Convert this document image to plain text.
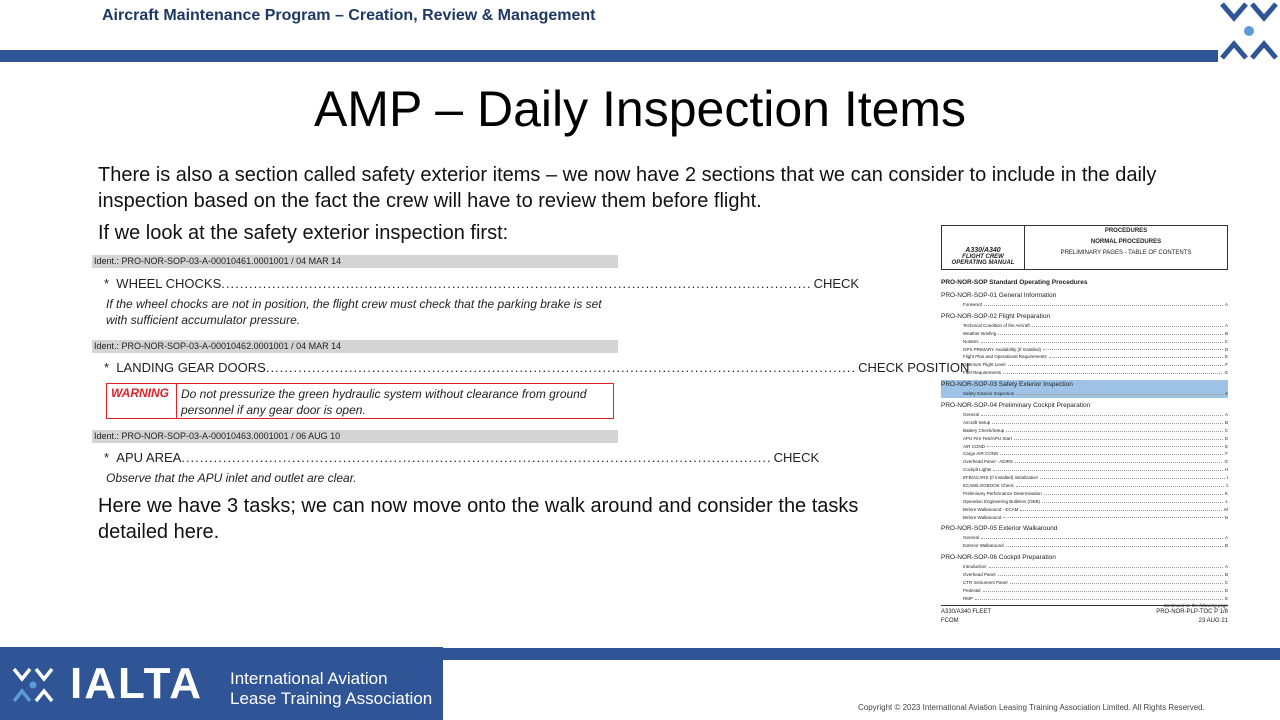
Aircraft Maintenance Program – Creation, Review & Management
AMP – Daily Inspection Items
There is also a section called safety exterior items – we now have 2 sections that we can consider to include in the daily inspection based on the fact the crew will have to review them before flight.
If we look at the safety exterior inspection first:
Ident.: PRO-NOR-SOP-03-A-00010461.0001001 / 04 MAR 14
*
WHEEL CHOCKS ................................................................................................................................ CHECK
If the wheel chocks are not in position, the flight crew must check that the parking brake is set with sufficient accumulator pressure.
Ident.: PRO-NOR-SOP-03-A-00010462.0001001 / 04 MAR 14
*
LANDING GEAR DOORS ................................................................................................................................ CHECK POSITION
WARNING	Do not pressurize the green hydraulic system without clearance from ground personnel if any gear door is open.
Ident.: PRO-NOR-SOP-03-A-00010463.0001001 / 06 AUG 10
*
APU AREA ................................................................................................................................ CHECK
Observe that the APU inlet and outlet are clear.
Here we have 3 tasks; we can now move onto the walk around and consider the tasks detailed here.
A330/A340
FLIGHT CREW
OPERATING MANUAL
PROCEDURES
NORMAL PROCEDURES
PRELIMINARY PAGES - TABLE OF CONTENTS
PRO-NOR-SOP Standard Operating Procedures
PRO-NOR-SOP-01 General Information
Foreword	A
PRO-NOR-SOP-02 Flight Preparation
Technical Condition of the Aircraft	A
Weather Briefing	B
Notams	C
GPS PRIMARY Availability (If Installed)	D
Flight Plan and Operational Requirements	E
Optimum Flight Level	F
Fuel Requirements	G
PRO-NOR-SOP-03 Safety Exterior Inspection
Safety Exterior Inspection	A
PRO-NOR-SOP-04 Preliminary Cockpit Preparation
General	A
Aircraft Setup	B
Battery Check/Setup	C
APU Fire Test/APU Start	D
AIR COND	E
Cargo AIR COND	F
Overhead Panel - ADIRS	G
Cockpit Lights	H
EFB/ACARS (If Installed) Initialization	I
ECAM/LOGBOOK Check	J
Preliminary Performance Determination	K
Operation Engineering Bulletins (OEB)	L
Before Walkaround - ECAM	M
Before Walkaround	N
PRO-NOR-SOP-05 Exterior Walkaround
General	A
Exterior Walkaround	B
PRO-NOR-SOP-06 Cockpit Preparation
Introduction	A
Overhead Panel	B
CTR Instrument Panel	C
Pedestal	D
RMP	E
Continued on the following page
A330/A340 FLEET	PRO-NOR-PLP-TOC P 1/8
FCOM	23 AUG 21
IALTA International Aviation
Lease Training Association	Copyright © 2023 International Aviation Leasing Training Association Limited. All Rights Reserved.
